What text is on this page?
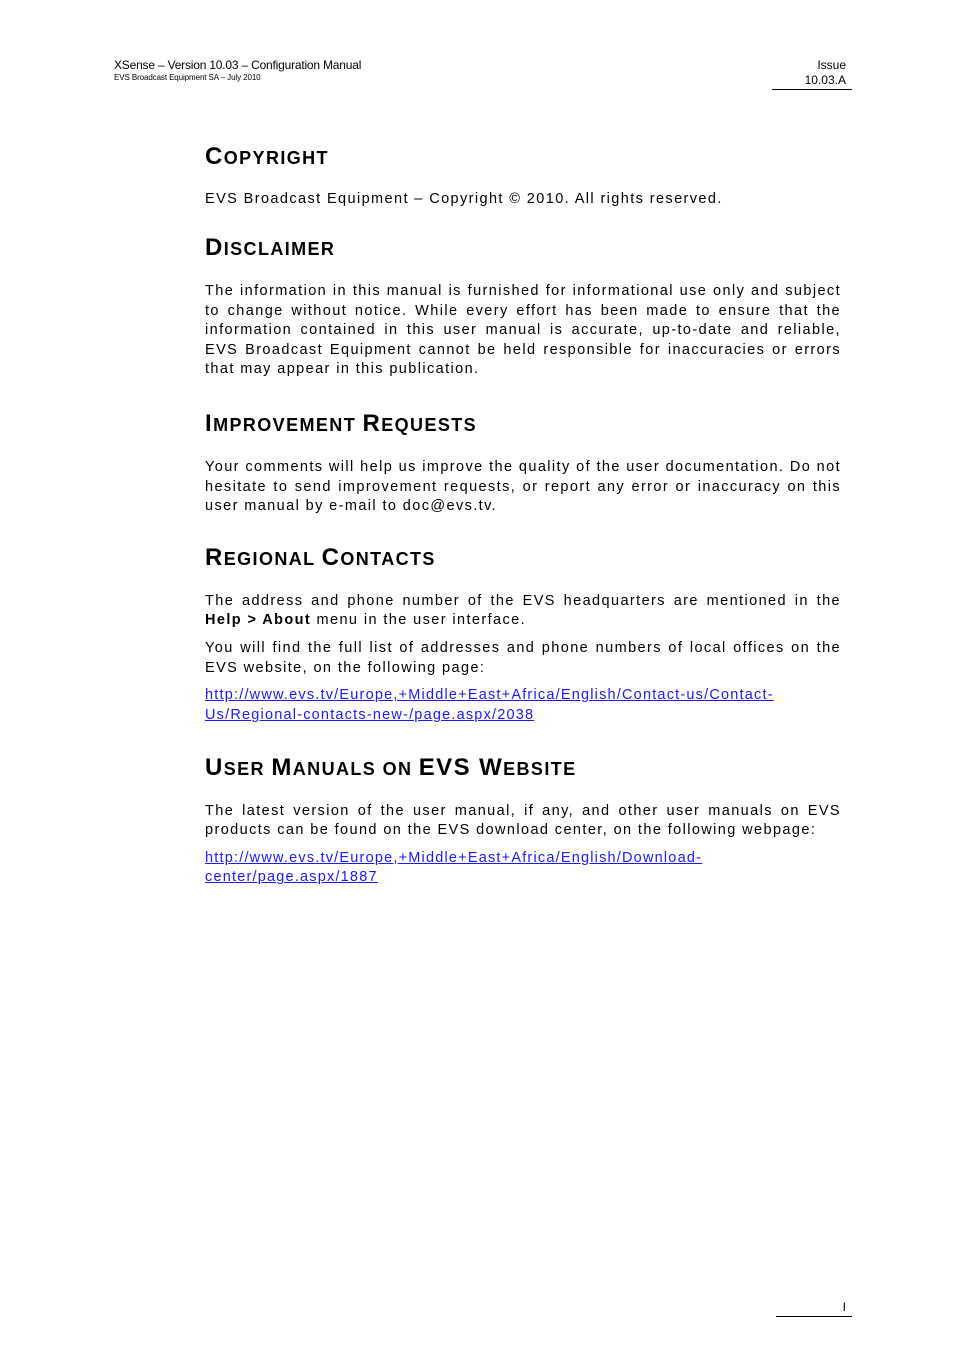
XSense – Version 10.03 – Configuration Manual
EVS Broadcast Equipment SA – July 2010
Issue
10.03.A
COPYRIGHT

EVS Broadcast Equipment – Copyright © 2010. All rights reserved.

DISCLAIMER

The information in this manual is furnished for informational use only and subject to change without notice. While every effort has been made to ensure that the information contained in this user manual is accurate, up-to-date and reliable, EVS Broadcast Equipment cannot be held responsible for inaccuracies or errors that may appear in this publication.

IMPROVEMENT REQUESTS

Your comments will help us improve the quality of the user documentation. Do not hesitate to send improvement requests, or report any error or inaccuracy on this user manual by e-mail to doc@evs.tv.

REGIONAL CONTACTS

The address and phone number of the EVS headquarters are mentioned in the Help > About menu in the user interface.

You will find the full list of addresses and phone numbers of local offices on the EVS website, on the following page:

http://www.evs.tv/Europe,+Middle+East+Africa/English/Contact-us/Contact-
Us/Regional-contacts-new-/page.aspx/2038
USER MANUALS ON EVS WEBSITE

The latest version of the user manual, if any, and other user manuals on EVS products can be found on the EVS download center, on the following webpage:

http://www.evs.tv/Europe,+Middle+East+Africa/English/Download-
center/page.aspx/1887
I
